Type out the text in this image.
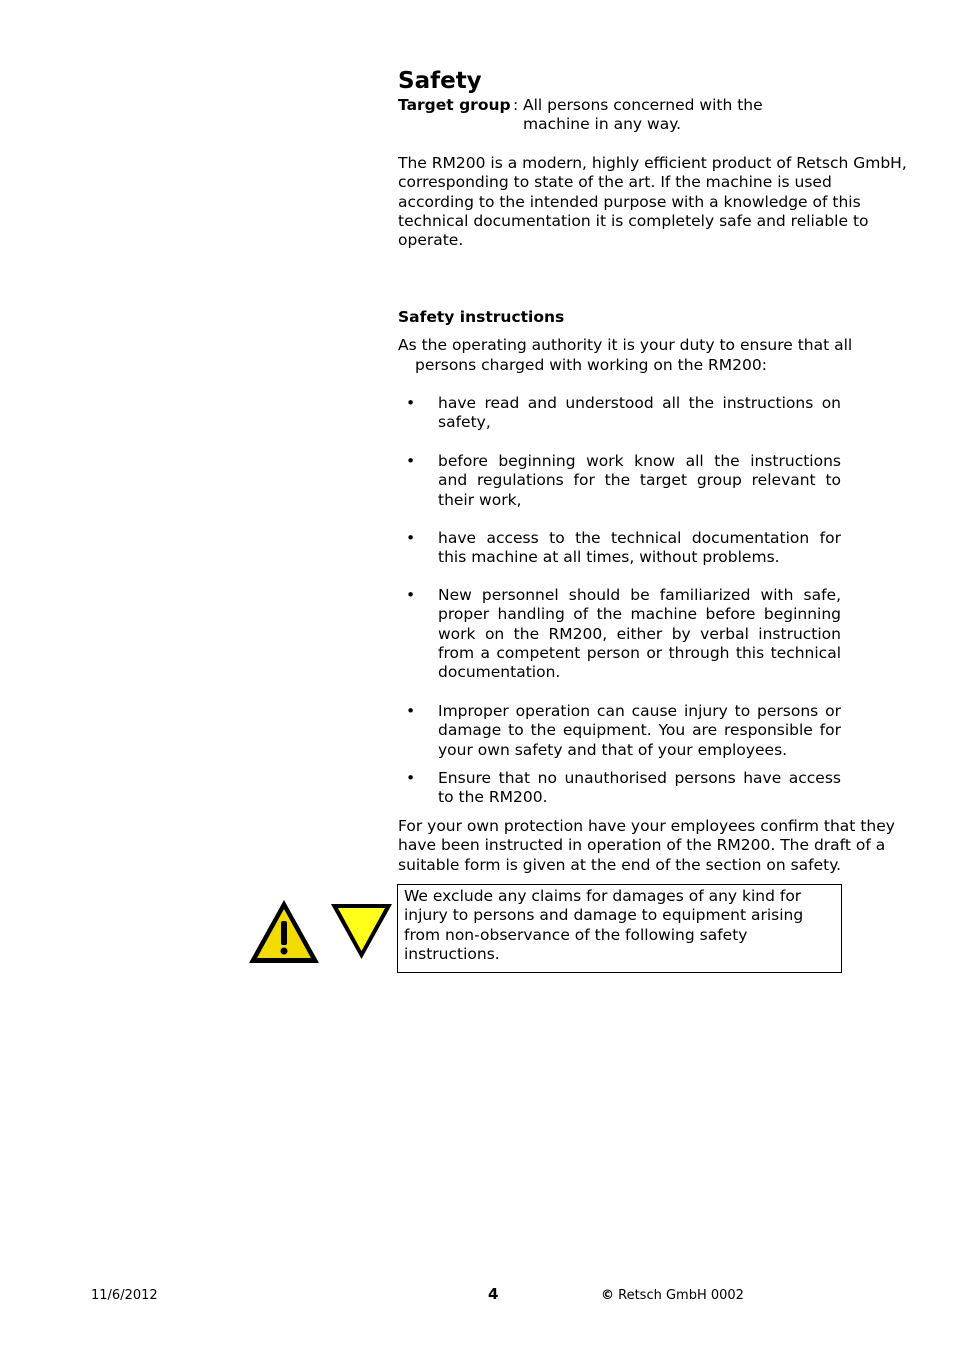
Safety
Target group : All persons concerned with the machine in any way.
The RM200 is a modern, highly efficient product of Retsch GmbH, corresponding to state of the art. If the machine is used according to the intended purpose with a knowledge of this technical documentation it is completely safe and reliable to operate.
Safety instructions
As the operating authority it is your duty to ensure that all
persons charged with working on the RM200:
• have read and understood all the instructions on safety,
• before beginning work know all the instructions and regulations for the target group relevant to their work,
• have access to the technical documentation for this machine at all times, without problems.
• New personnel should be familiarized with safe, proper handling of the machine before beginning work on the RM200, either by verbal instruction from a competent person or through this technical documentation.
• Improper operation can cause injury to persons or damage to the equipment. You are responsible for your own safety and that of your employees.
• Ensure that no unauthorised persons have access to the RM200.
For your own protection have your employees confirm that they have been instructed in operation of the RM200. The draft of a suitable form is given at the end of the section on safety.
We exclude any claims for damages of any kind for injury to persons and damage to equipment arising from non-observance of the following safety instructions.
11/6/2012	4	© Retsch GmbH 0002
